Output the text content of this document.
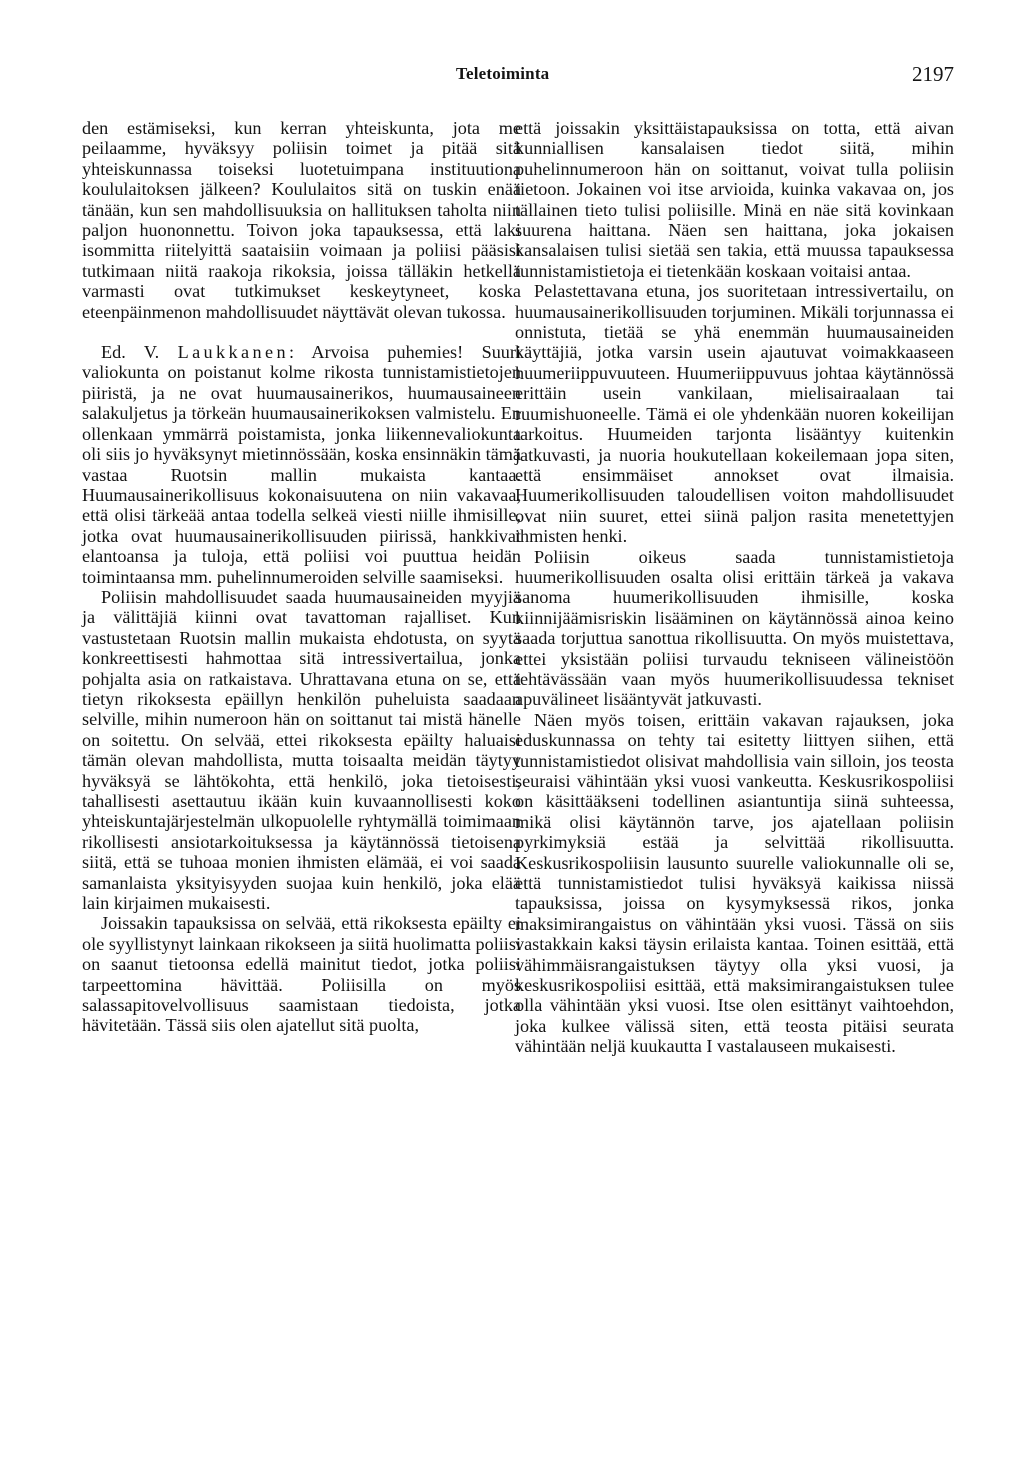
Teletoiminta	2197

den estämiseksi, kun kerran yhteiskunta, jota me peilaamme, hyväksyy poliisin toimet ja pitää sitä yhteiskunnassa toiseksi luotetuimpana instituutiona koululaitoksen jälkeen? Koululaitos sitä on tuskin enää tänään, kun sen mahdollisuuksia on hallituksen taholta niin paljon huononnettu. Toivon joka tapauksessa, että laki isommitta riitelyittä saataisiin voimaan ja poliisi pääsisi tutkimaan niitä raakoja rikoksia, joissa tälläkin hetkellä varmasti ovat tutkimukset keskeytyneet, koska eteenpäinmenon mahdollisuudet näyttävät olevan tukossa.

Ed. V. Laukkanen: Arvoisa puhemies! Suuri valiokunta on poistanut kolme rikosta tunnistamistietojen piiristä, ja ne ovat huumausainerikos, huumausaineen salakuljetus ja törkeän huumausainerikoksen valmistelu. En ollenkaan ymmärrä poistamista, jonka liikennevaliokunta oli siis jo hyväksynyt mietinnössään, koska ensinnäkin tämä vastaa Ruotsin mallin mukaista kantaa. Huumausainerikollisuus kokonaisuutena on niin vakavaa, että olisi tärkeää antaa todella selkeä viesti niille ihmisille, jotka ovat huumausainerikollisuuden piirissä, hankkivat elantoansa ja tuloja, että poliisi voi puuttua heidän toimintaansa mm. puhelinnumeroiden selville saamiseksi.

Poliisin mahdollisuudet saada huumausaineiden myyjiä ja välittäjiä kiinni ovat tavattoman rajalliset. Kun vastustetaan Ruotsin mallin mukaista ehdotusta, on syytä konkreettisesti hahmottaa sitä intressivertailua, jonka pohjalta asia on ratkaistava. Uhrattavana etuna on se, että tietyn rikoksesta epäillyn henkilön puheluista saadaan selville, mihin numeroon hän on soittanut tai mistä hänelle on soitettu. On selvää, ettei rikoksesta epäilty haluaisi tämän olevan mahdollista, mutta toisaalta meidän täytyy hyväksyä se lähtökohta, että henkilö, joka tietoisesti, tahallisesti asettautuu ikään kuin kuvaannollisesti koko yhteiskuntajärjestelmän ulkopuolelle ryhtymällä toimimaan rikollisesti ansiotarkoituksessa ja käytännössä tietoisena siitä, että se tuhoaa monien ihmisten elämää, ei voi saada samanlaista yksityisyyden suojaa kuin henkilö, joka elää lain kirjaimen mukaisesti.

Joissakin tapauksissa on selvää, että rikoksesta epäilty ei ole syyllistynyt lainkaan rikokseen ja siitä huolimatta poliisi on saanut tietoonsa edellä mainitut tiedot, jotka poliisi tarpeettomina hävittää. Poliisilla on myös salassapitovelvollisuus saamistaan tiedoista, jotka hävitetään. Tässä siis olen ajatellut sitä puolta,

että joissakin yksittäistapauksissa on totta, että aivan kunniallisen kansalaisen tiedot siitä, mihin puhelinnumeroon hän on soittanut, voivat tulla poliisin tietoon. Jokainen voi itse arvioida, kuinka vakavaa on, jos tällainen tieto tulisi poliisille. Minä en näe sitä kovinkaan suurena haittana. Näen sen haittana, joka jokaisen kansalaisen tulisi sietää sen takia, että muussa tapauksessa tunnistamistietoja ei tietenkään koskaan voitaisi antaa.

Pelastettavana etuna, jos suoritetaan intressivertailu, on huumausainerikollisuuden torjuminen. Mikäli torjunnassa ei onnistuta, tietää se yhä enemmän huumausaineiden käyttäjiä, jotka varsin usein ajautuvat voimakkaaseen huumeriippuvuuteen. Huumeriippuvuus johtaa käytännössä erittäin usein vankilaan, mielisairaalaan tai ruumishuoneelle. Tämä ei ole yhdenkään nuoren kokeilijan tarkoitus. Huumeiden tarjonta lisääntyy kuitenkin jatkuvasti, ja nuoria houkutellaan kokeilemaan jopa siten, että ensimmäiset annokset ovat ilmaisia. Huumerikollisuuden taloudellisen voiton mahdollisuudet ovat niin suuret, ettei siinä paljon rasita menetettyjen ihmisten henki.

Poliisin oikeus saada tunnistamistietoja huumerikollisuuden osalta olisi erittäin tärkeä ja vakava sanoma huumerikollisuuden ihmisille, koska kiinnijäämisriskin lisääminen on käytännössä ainoa keino saada torjuttua sanottua rikollisuutta. On myös muistettava, ettei yksistään poliisi turvaudu tekniseen välineistöön tehtävässään vaan myös huumerikollisuudessa tekniset apuvälineet lisääntyvät jatkuvasti.

Näen myös toisen, erittäin vakavan rajauksen, joka eduskunnassa on tehty tai esitetty liittyen siihen, että tunnistamistiedot olisivat mahdollisia vain silloin, jos teosta seuraisi vähintään yksi vuosi vankeutta. Keskusrikospoliisi on käsittääkseni todellinen asiantuntija siinä suhteessa, mikä olisi käytännön tarve, jos ajatellaan poliisin pyrkimyksiä estää ja selvittää rikollisuutta. Keskusrikospoliisin lausunto suurelle valiokunnalle oli se, että tunnistamistiedot tulisi hyväksyä kaikissa niissä tapauksissa, joissa on kysymyksessä rikos, jonka maksimirangaistus on vähintään yksi vuosi. Tässä on siis vastakkain kaksi täysin erilaista kantaa. Toinen esittää, että vähimmäisrangaistuksen täytyy olla yksi vuosi, ja keskusrikospoliisi esittää, että maksimirangaistuksen tulee olla vähintään yksi vuosi. Itse olen esittänyt vaihtoehdon, joka kulkee välissä siten, että teosta pitäisi seurata vähintään neljä kuukautta I vastalauseen mukaisesti.
